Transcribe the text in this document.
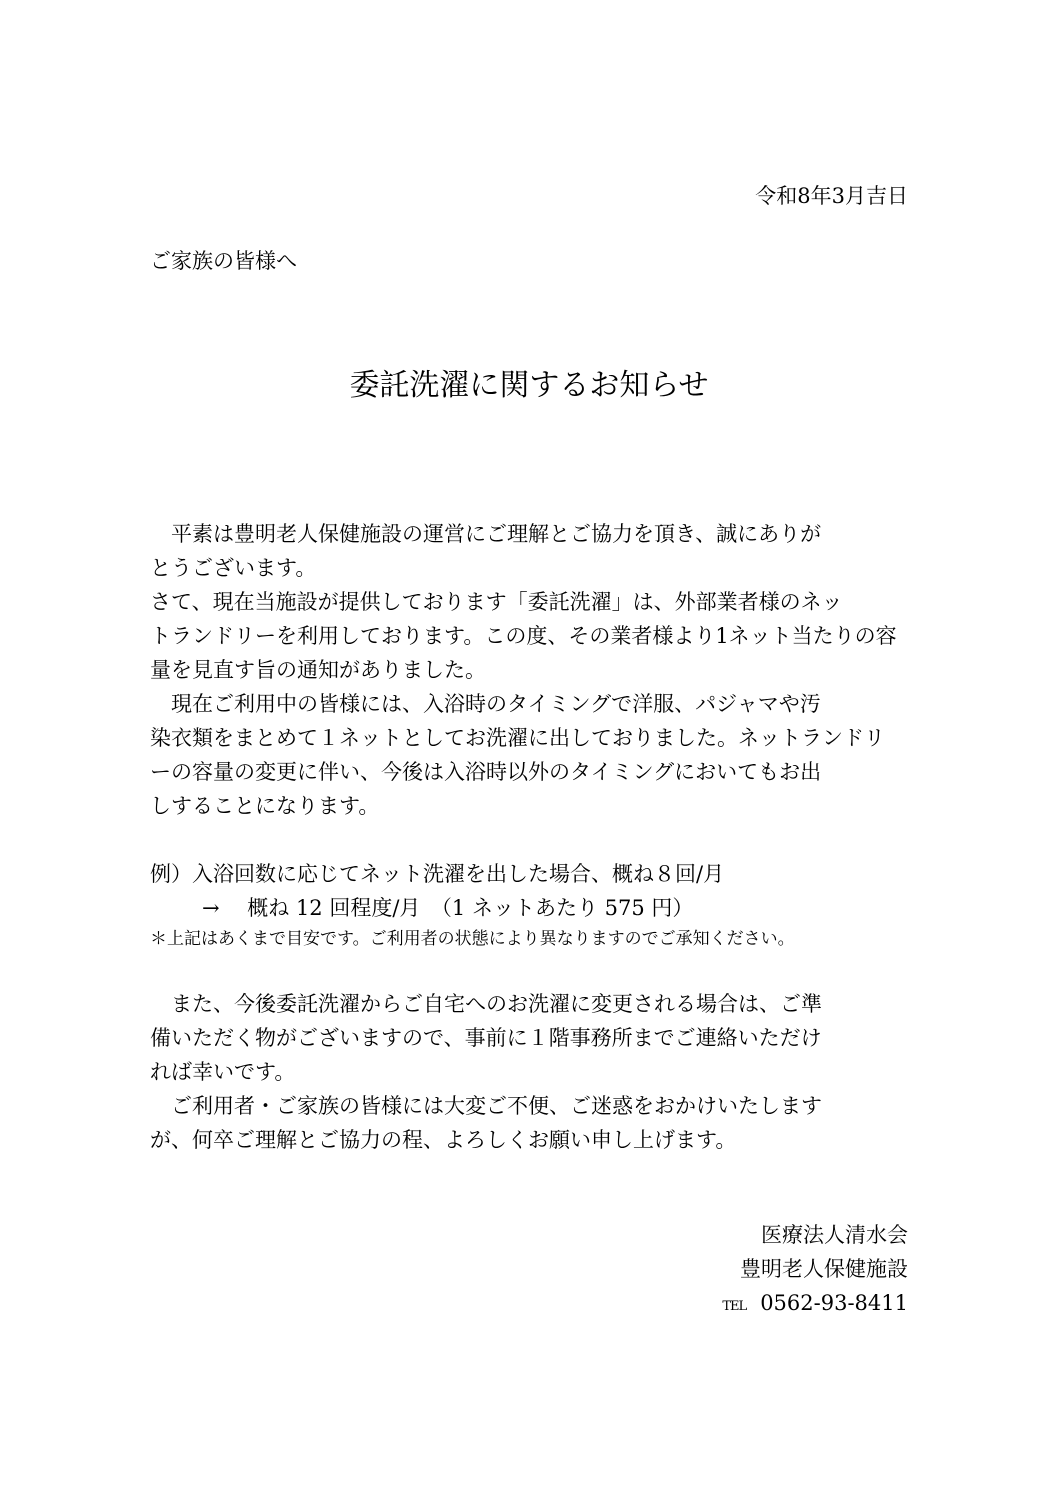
令和8年3月吉日
ご家族の皆様へ
委託洗濯に関するお知らせ
　平素は豊明老人保健施設の運営にご理解とご協力を頂き、誠にありが
とうございます。
さて、現在当施設が提供しております「委託洗濯」は、外部業者様のネッ
トランドリーを利用しております。この度、その業者様より1ネット当たりの容
量を見直す旨の通知がありました。
　現在ご利用中の皆様には、入浴時のタイミングで洋服、パジャマや汚
染衣類をまとめて１ネットとしてお洗濯に出しておりました。ネットランドリ
ーの容量の変更に伴い、今後は入浴時以外のタイミングにおいてもお出
しすることになります。
例）入浴回数に応じてネット洗濯を出した場合、概ね８回/月
→　 概ね 12 回程度/月　（1 ネットあたり 575 円）
＊上記はあくまで目安です。ご利用者の状態により異なりますのでご承知ください。
　また、今後委託洗濯からご自宅へのお洗濯に変更される場合は、ご準
備いただく物がございますので、事前に１階事務所までご連絡いただけ
れば幸いです。
　ご利用者・ご家族の皆様には大変ご不便、ご迷惑をおかけいたします
が、何卒ご理解とご協力の程、よろしくお願い申し上げます。
医療法人清水会
豊明老人保健施設
TEL 0562-93-8411
